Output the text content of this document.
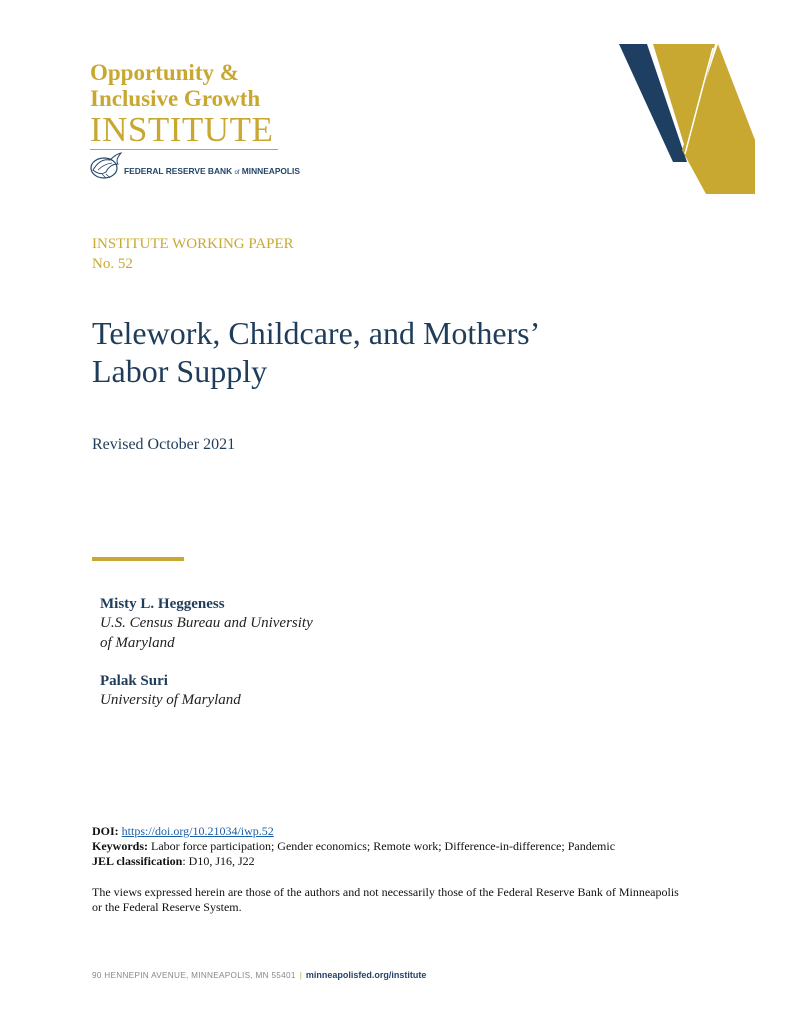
Opportunity &
Inclusive Growth
INSTITUTE
FEDERAL RESERVE BANK of MINNEAPOLIS
INSTITUTE WORKING PAPER
No. 52
Telework, Childcare, and Mothers’
Labor Supply
Revised October 2021
Misty L. Heggeness
U.S. Census Bureau and University
of Maryland
Palak Suri
University of Maryland
DOI: https://doi.org/10.21034/iwp.52
Keywords: Labor force participation; Gender economics; Remote work; Difference-in-difference; Pandemic
JEL classification: D10, J16, J22
The views expressed herein are those of the authors and not necessarily those of the Federal Reserve Bank of Minneapolis or the Federal Reserve System.
90 HENNEPIN AVENUE, MINNEAPOLIS, MN 55401 | minneapolisfed.org/institute
